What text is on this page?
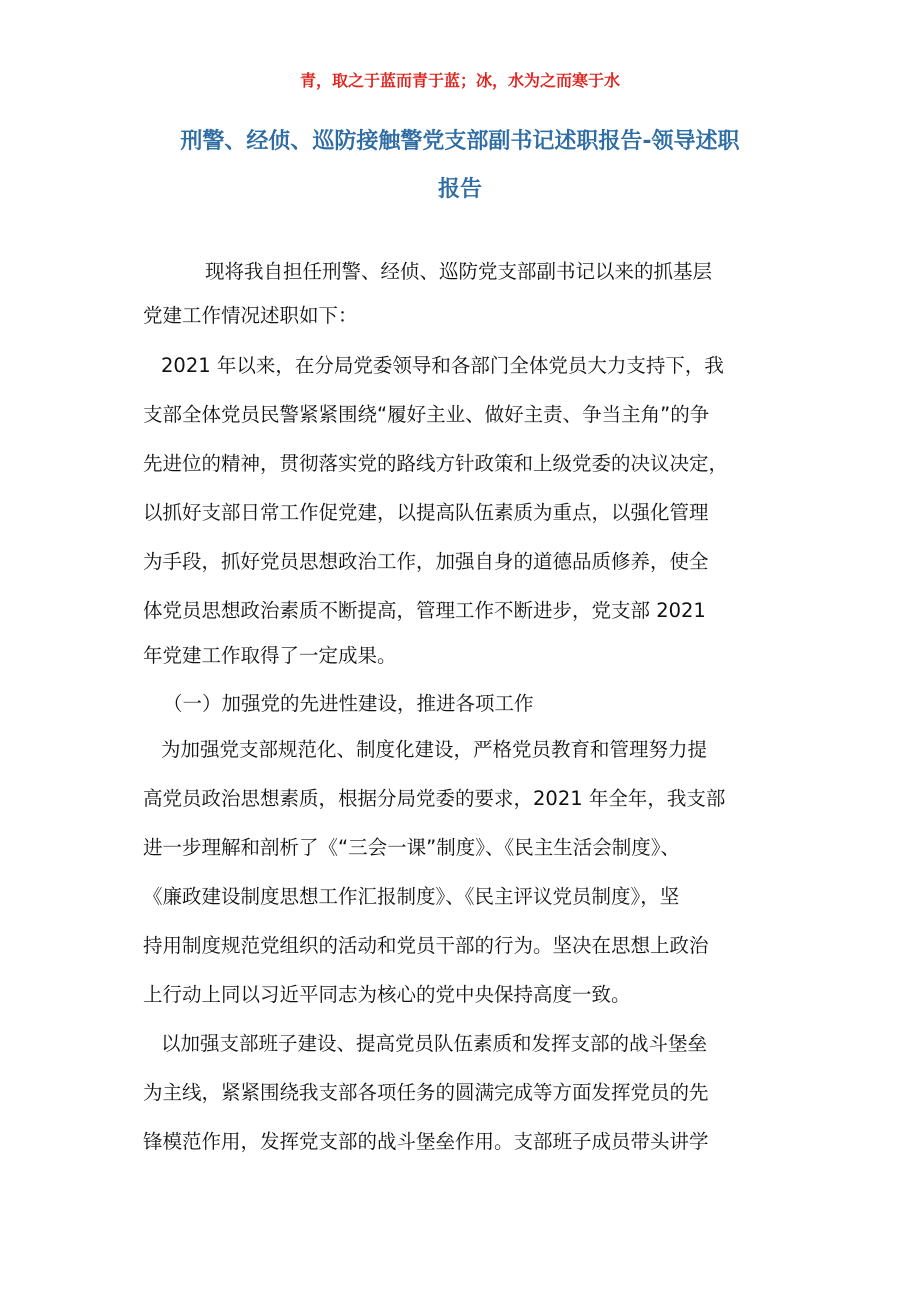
青，取之于蓝而青于蓝；冰，水为之而寒于水
刑警、经侦、巡防接触警党支部副书记述职报告-领导述职
报告
现将我自担任刑警、经侦、巡防党支部副书记以来的抓基层
党建工作情况述职如下：
2021 年以来，在分局党委领导和各部门全体党员大力支持下，我
支部全体党员民警紧紧围绕“履好主业、做好主责、争当主角”的争
先进位的精神，贯彻落实党的路线方针政策和上级党委的决议决定，
以抓好支部日常工作促党建，以提高队伍素质为重点，以强化管理
为手段，抓好党员思想政治工作，加强自身的道德品质修养，使全
体党员思想政治素质不断提高，管理工作不断进步，党支部 2021
年党建工作取得了一定成果。
（一）加强党的先进性建设，推进各项工作
为加强党支部规范化、制度化建设，严格党员教育和管理努力提
高党员政治思想素质，根据分局党委的要求，2021 年全年，我支部
进一步理解和剖析了《“三会一课”制度》、《民主生活会制度》、
《廉政建设制度思想工作汇报制度》、《民主评议党员制度》，坚
持用制度规范党组织的活动和党员干部的行为。坚决在思想上政治
上行动上同以习近平同志为核心的党中央保持高度一致。
以加强支部班子建设、提高党员队伍素质和发挥支部的战斗堡垒
为主线，紧紧围绕我支部各项任务的圆满完成等方面发挥党员的先
锋模范作用，发挥党支部的战斗堡垒作用。支部班子成员带头讲学
